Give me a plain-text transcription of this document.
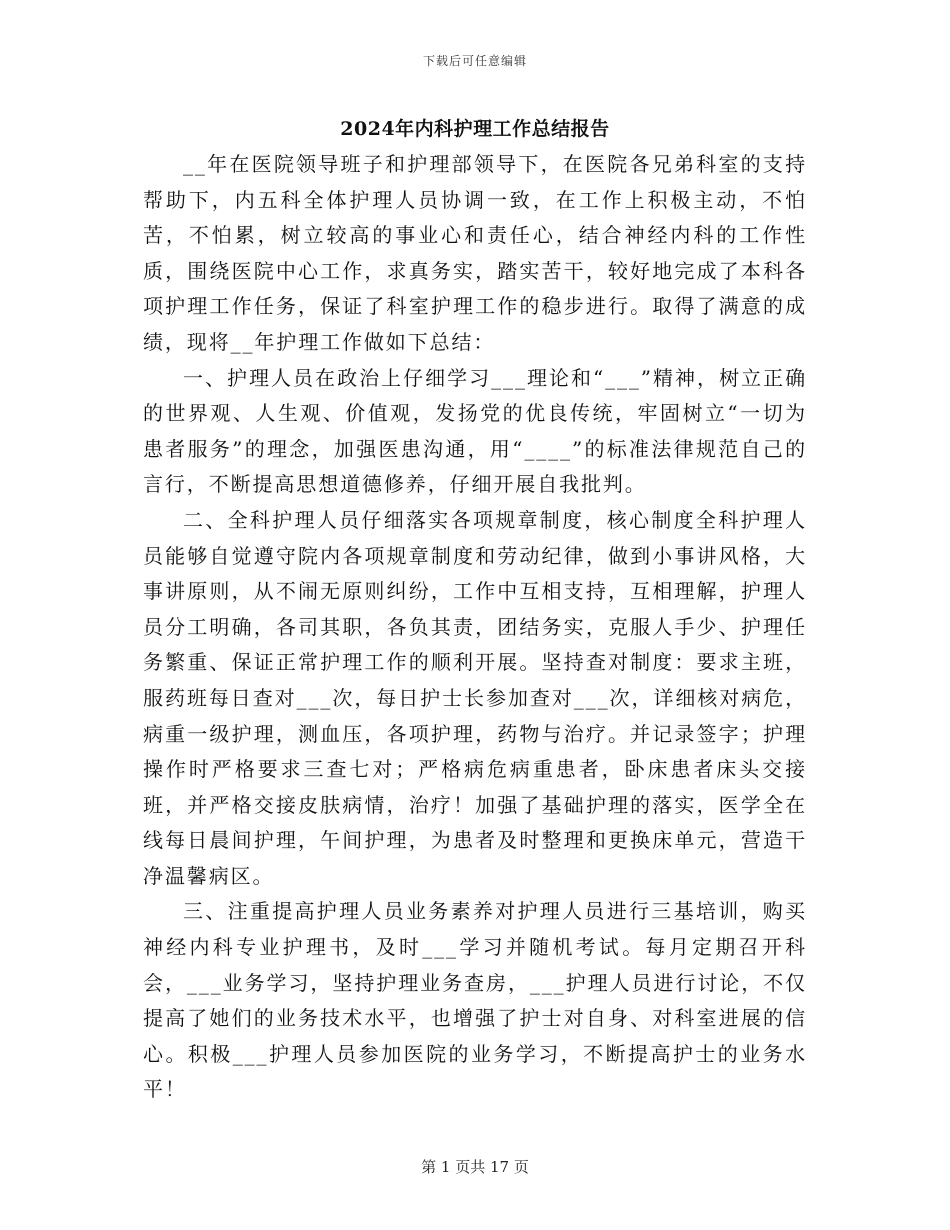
下载后可任意编辑
2024年内科护理工作总结报告

__年在医院领导班子和护理部领导下，在医院各兄弟科室的支持帮助下，内五科全体护理人员协调一致，在工作上积极主动，不怕苦，不怕累，树立较高的事业心和责任心，结合神经内科的工作性质，围绕医院中心工作，求真务实，踏实苦干，较好地完成了本科各项护理工作任务，保证了科室护理工作的稳步进行。取得了满意的成绩，现将__年护理工作做如下总结：

一、护理人员在政治上仔细学习___理论和“___”精神，树立正确的世界观、人生观、价值观，发扬党的优良传统，牢固树立“一切为患者服务”的理念，加强医患沟通，用“____”的标准法律规范自己的言行，不断提高思想道德修养，仔细开展自我批判。

二、全科护理人员仔细落实各项规章制度，核心制度全科护理人员能够自觉遵守院内各项规章制度和劳动纪律，做到小事讲风格，大事讲原则，从不闹无原则纠纷，工作中互相支持，互相理解，护理人员分工明确，各司其职，各负其责，团结务实，克服人手少、护理任务繁重、保证正常护理工作的顺利开展。坚持查对制度：要求主班，服药班每日查对___次，每日护士长参加查对___次，详细核对病危，病重一级护理，测血压，各项护理，药物与治疗。并记录签字；护理操作时严格要求三查七对；严格病危病重患者，卧床患者床头交接班，并严格交接皮肤病情，治疗！加强了基础护理的落实，医学全在线每日晨间护理，午间护理，为患者及时整理和更换床单元，营造干净温馨病区。

三、注重提高护理人员业务素养对护理人员进行三基培训，购买神经内科专业护理书，及时___学习并随机考试。每月定期召开科会，___业务学习，坚持护理业务查房，___护理人员进行讨论，不仅提高了她们的业务技术水平，也增强了护士对自身、对科室进展的信心。积极___护理人员参加医院的业务学习，不断提高护士的业务水平！

第 1 页共 17 页
